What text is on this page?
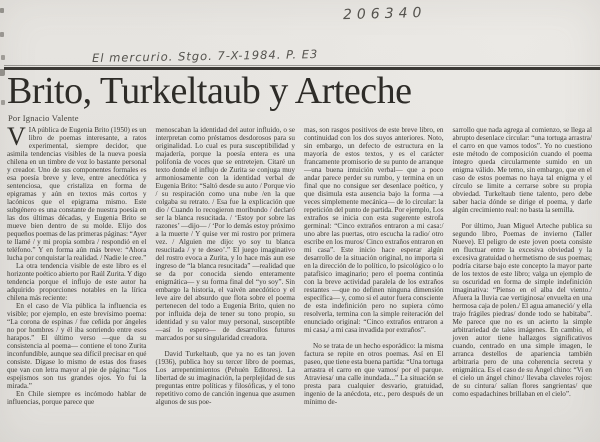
206340
El mercurio. Stgo. 7-X-1984. P. E3
Brito, Turkeltaub y Arteche
Por Ignacio Valente

VIA pública de Eugenia Brito (1950) es un libro de poemas interesante, a ratos experimental, siempre decidor, que asimila tendencias visibles de la nueva poesía chilena en un timbre de voz lo bastante personal y creador. Uno de sus componentes formales es esa poesía breve y leve, entre anecdótica y sentenciosa, que cristaliza en forma de epigramas y aún en textos más cortos y lacónicos que el epigrama mismo. Este subgénero es una constante de nuestra poesía en las dos últimas décadas, y Eugenia Brito se mueve bien dentro de su molde. Elijo dos pequeños poemas de las primeras páginas: “Ayer te llamé / y mi propia sombra / respondió en el teléfono.” Y en forma aún más breve: “Ahora lucha por conquistar la realidad. / Nadie le cree.”

La otra tendencia visible de este libro es el horizonte poético abierto por Raúl Zurita. Y digo tendencia porque el influjo de este autor ha adquirido proporciones notables en la lírica chilena más reciente:

En el caso de Vía pública la influencia es visible; por ejemplo, en este brevísimo poema: “La corona de espinas / fue ceñida por ángeles no por hombres / y él iba sonriendo entre esos harapos.” El último verso —que da su consistencia al poema— contiene el tono Zurita inconfundible, aunque sea difícil precisar en qué consiste. Dígase lo mismo de estas dos frases que van con letra mayor al pie de página: “Los espejismos son tus grandes ojos. Yo fui la mirada.”

En Chile siempre es incómodo hablar de influencias, porque parece que

menoscaban la identidad del autor influido, o se interpretan como préstamos desdorosos para su originalidad. Lo cual es pura susceptibilidad y majadería, porque la poesía entera es una polifonía de voces que se entretejen. Citaré un texto donde el influjo de Zurita se conjuga muy armoniosamente con la identidad verbal de Eugenia Brito: “Saltó desde su auto / Porque vio / su respiración como una nube /en la que colgaba su retrato. / Esa fue la explicación que dio / Cuando lo recogieron moribundo / declaró ser la blanca resucitada. / ‘Estoy por sobre las razones’ —dijo— / ‘Por lo demás estoy próximo a la muerte / Y quise ver mi rostro por primera vez. / Alguien me dijo: yo soy tu blanca resucitada / y te deseo’.” El juego imaginativo del rostro evoca a Zurita, y lo hace más aun ese ingreso de “la blanca resucitada” —realidad que se da por conocida siendo enteramente enigmática— y su forma final del “yo soy”. Sin embargo la historia, el vaivén anecdótico y el leve aire del absurdo que flota sobre el poema pertenecen del todo a Eugenia Brito, quien no por influida deja de tener su tono propio, su identidad y su valor muy personal, susceptible —así lo espero— de desarrollos futuros marcados por su singularidad creadora.

David Turkeltaub, que ya no es tan joven (1936), publica hoy su tercer libro de poemas, Los arrepentimientos (Pehuén Editores). La libertad de su imaginación, la perplejidad de sus preguntas entre políticas y filosóficas, y el tono repetitivo como de canción ingenua que asumen algunos de sus poe-

mas, son rasgos positivos de este breve libro, en continuidad con los dos suyos anteriores. Noto, sin embargo, un defecto de estructura en la mayoría de estos textos, y es el carácter francamente promisorio de su punto de arranque —una buena intuición verbal— que a poco andar parece perder su rumbo, y termina en un final que no consigue ser desenlace poético, y que disimula esta ausencia bajo la forma —a veces simplemente mecánica— de lo circular: la repetición del punto de partida. Por ejemplo, Los extraños se inicia con esta sugerente estrofa germinal: “Cinco extraños entraron a mi casa:/ uno abre las puertas, otro escucha la radio/ otro escribe en los muros/ Cinco extraños entraron en mi casa”. Este inicio hace esperar algún desarrollo de la situación original, no importa si en la dirección de lo político, lo psicológico o lo patafísico imaginario; pero el poema continúa con la breve actividad paralela de los extraños restantes —que no definen ninguna dimensión específica— y, como si el autor fuera consciente de esta indefinición pero no supiera cómo resolverla, termina con la simple reiteración del enunciado original: “Cinco extraños entraron a mi casa,/ a mi casa invadida por extraños”.

No se trata de un hecho esporádico: la misma factura se repite en otros poemas. Así en El paseo, que tiene esta buena partida: “Una tortuga arrastra el carro en que vamos/ por el parque. Atraviesa/ una calle inundada...” La situación se presta para cualquier desvario, gratuidad, ingenio de la anécdota, etc., pero después de un mínimo de-

sarrollo que nada agrega al comienzo, se llega al abrupto desenlace circular: “una tortuga arrastra/ el carro en que vamos todos”. Yo no cuestiono este método de composición cuando el poema íntegro queda circularmente sumido en un enigma válido. Me temo, sin embargo, que en el caso de estos poemas no haya tal enigma y el círculo se limite a cerrarse sobre su propia obviedad. Turkeltaub tiene talento, pero debe saber hacia dónde se dirige el poema, y darle algún crecimiento real: no basta la semilla.

Por último, Juan Miguel Arteche publica su segundo libro, Poemas de invierno (Taller Nueve). El peligro de este joven poeta consiste en fluctuar entre la excesiva obviedad y la excesiva gratuidad o hermetismo de sus poemas; podría citarse bajo este concepto la mayor parte de los textos de este libro; valga un ejemplo de su oscuridad en forma de simple indefinición imaginativa: “Pienso en el alba del viento./ Afuera la lluvia cae vertiginosa/ envuelta en una hermosa caja de polen./ El agua amaneció/ y ella trajo frágiles piedras/ donde todo se habitaba”. Me parece que no es un acierto la simple arbitrariedad de tales imágenes. En cambio, el joven autor tiene hallazgos significativos cuando, centrado en una simple imagen, le arranca destellos de apariencia también arbitraria pero de una coherencia secreta y enigmática. Es el caso de su Ángel chino: “Vi en el cielo un ángel chino:/ llevaba claveles rojos: de su cintura/ salían flores sangrientas/ que como espadachines brillaban en el cielo”.
